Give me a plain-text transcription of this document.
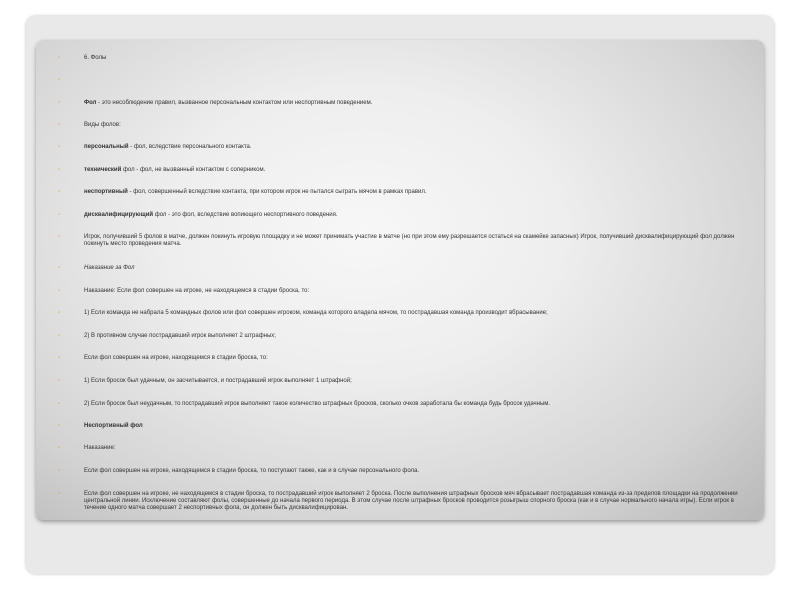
▫	6. Фолы
▫
▫	Фол - это несоблюдение правил, вызванное персональным контактом или неспортивным поведением.
▫	Виды фолов:
▫	персональный - фол, вследствие персонального контакта.
▫	технический фол - фол, не вызванный контактом с соперником.
▫	неспортивный - фол, совершенный вследствие контакта, при котором игрок не пытался сыграть мячом в рамках правил.
▫	дисквалифицирующий фол - это фол, вследствие вопиющего неспортивного поведения.
▫	Игрок, получивший 5 фолов в матче, должен покинуть игровую площадку и не может принимать участие в матче (но при этом ему разрешается остаться на скамейке запасных) Игрок, получивший дисквалифицирующий фол должен покинуть место проведения матча.
▫	Наказание за Фол
▫	Наказание: Если фол совершен на игроке, не находящемся в стадии броска, то:
▫	1) Если команда не набрала 5 командных фолов или фол совершен игроком, команда которого владела мячом, то пострадавшая команда производит вбрасывание;
▫	2) В противном случае пострадавший игрок выполняет 2 штрафных;
▫	Если фол совершен на игроке, находящемся в стадии броска, то:
▫	1) Если бросок был удачным, он засчитывается, и пострадавший игрок выполняет 1 штрафной;
▫	2) Если бросок был неудачным, то пострадавший игрок выполняет такое количество штрафных бросков, сколько очков заработала бы команда будь бросок удачным.
▫	Неспортивный фол
▫	Наказание:
▫	Если фол совершен на игроке, находящемся в стадии броска, то поступают также, как и в случае персонального фола.
▫	Если фол совершен на игроке, не находящемся в стадии броска, то пострадавший игрок выполняет 2 броска. После выполнения штрафных бросков мяч вбрасывает пострадавшая команда из-за пределов площадки на продолжении центральной линии. Исключение составляют фолы, совершенные до начала первого периода. В этом случае после штрафных бросков проводится розыгрыш спорного броска (как и в случае нормального начала игры). Если игрок в течение одного матча совершает 2 неспортивных фола, он должен быть дисквалифицирован.
